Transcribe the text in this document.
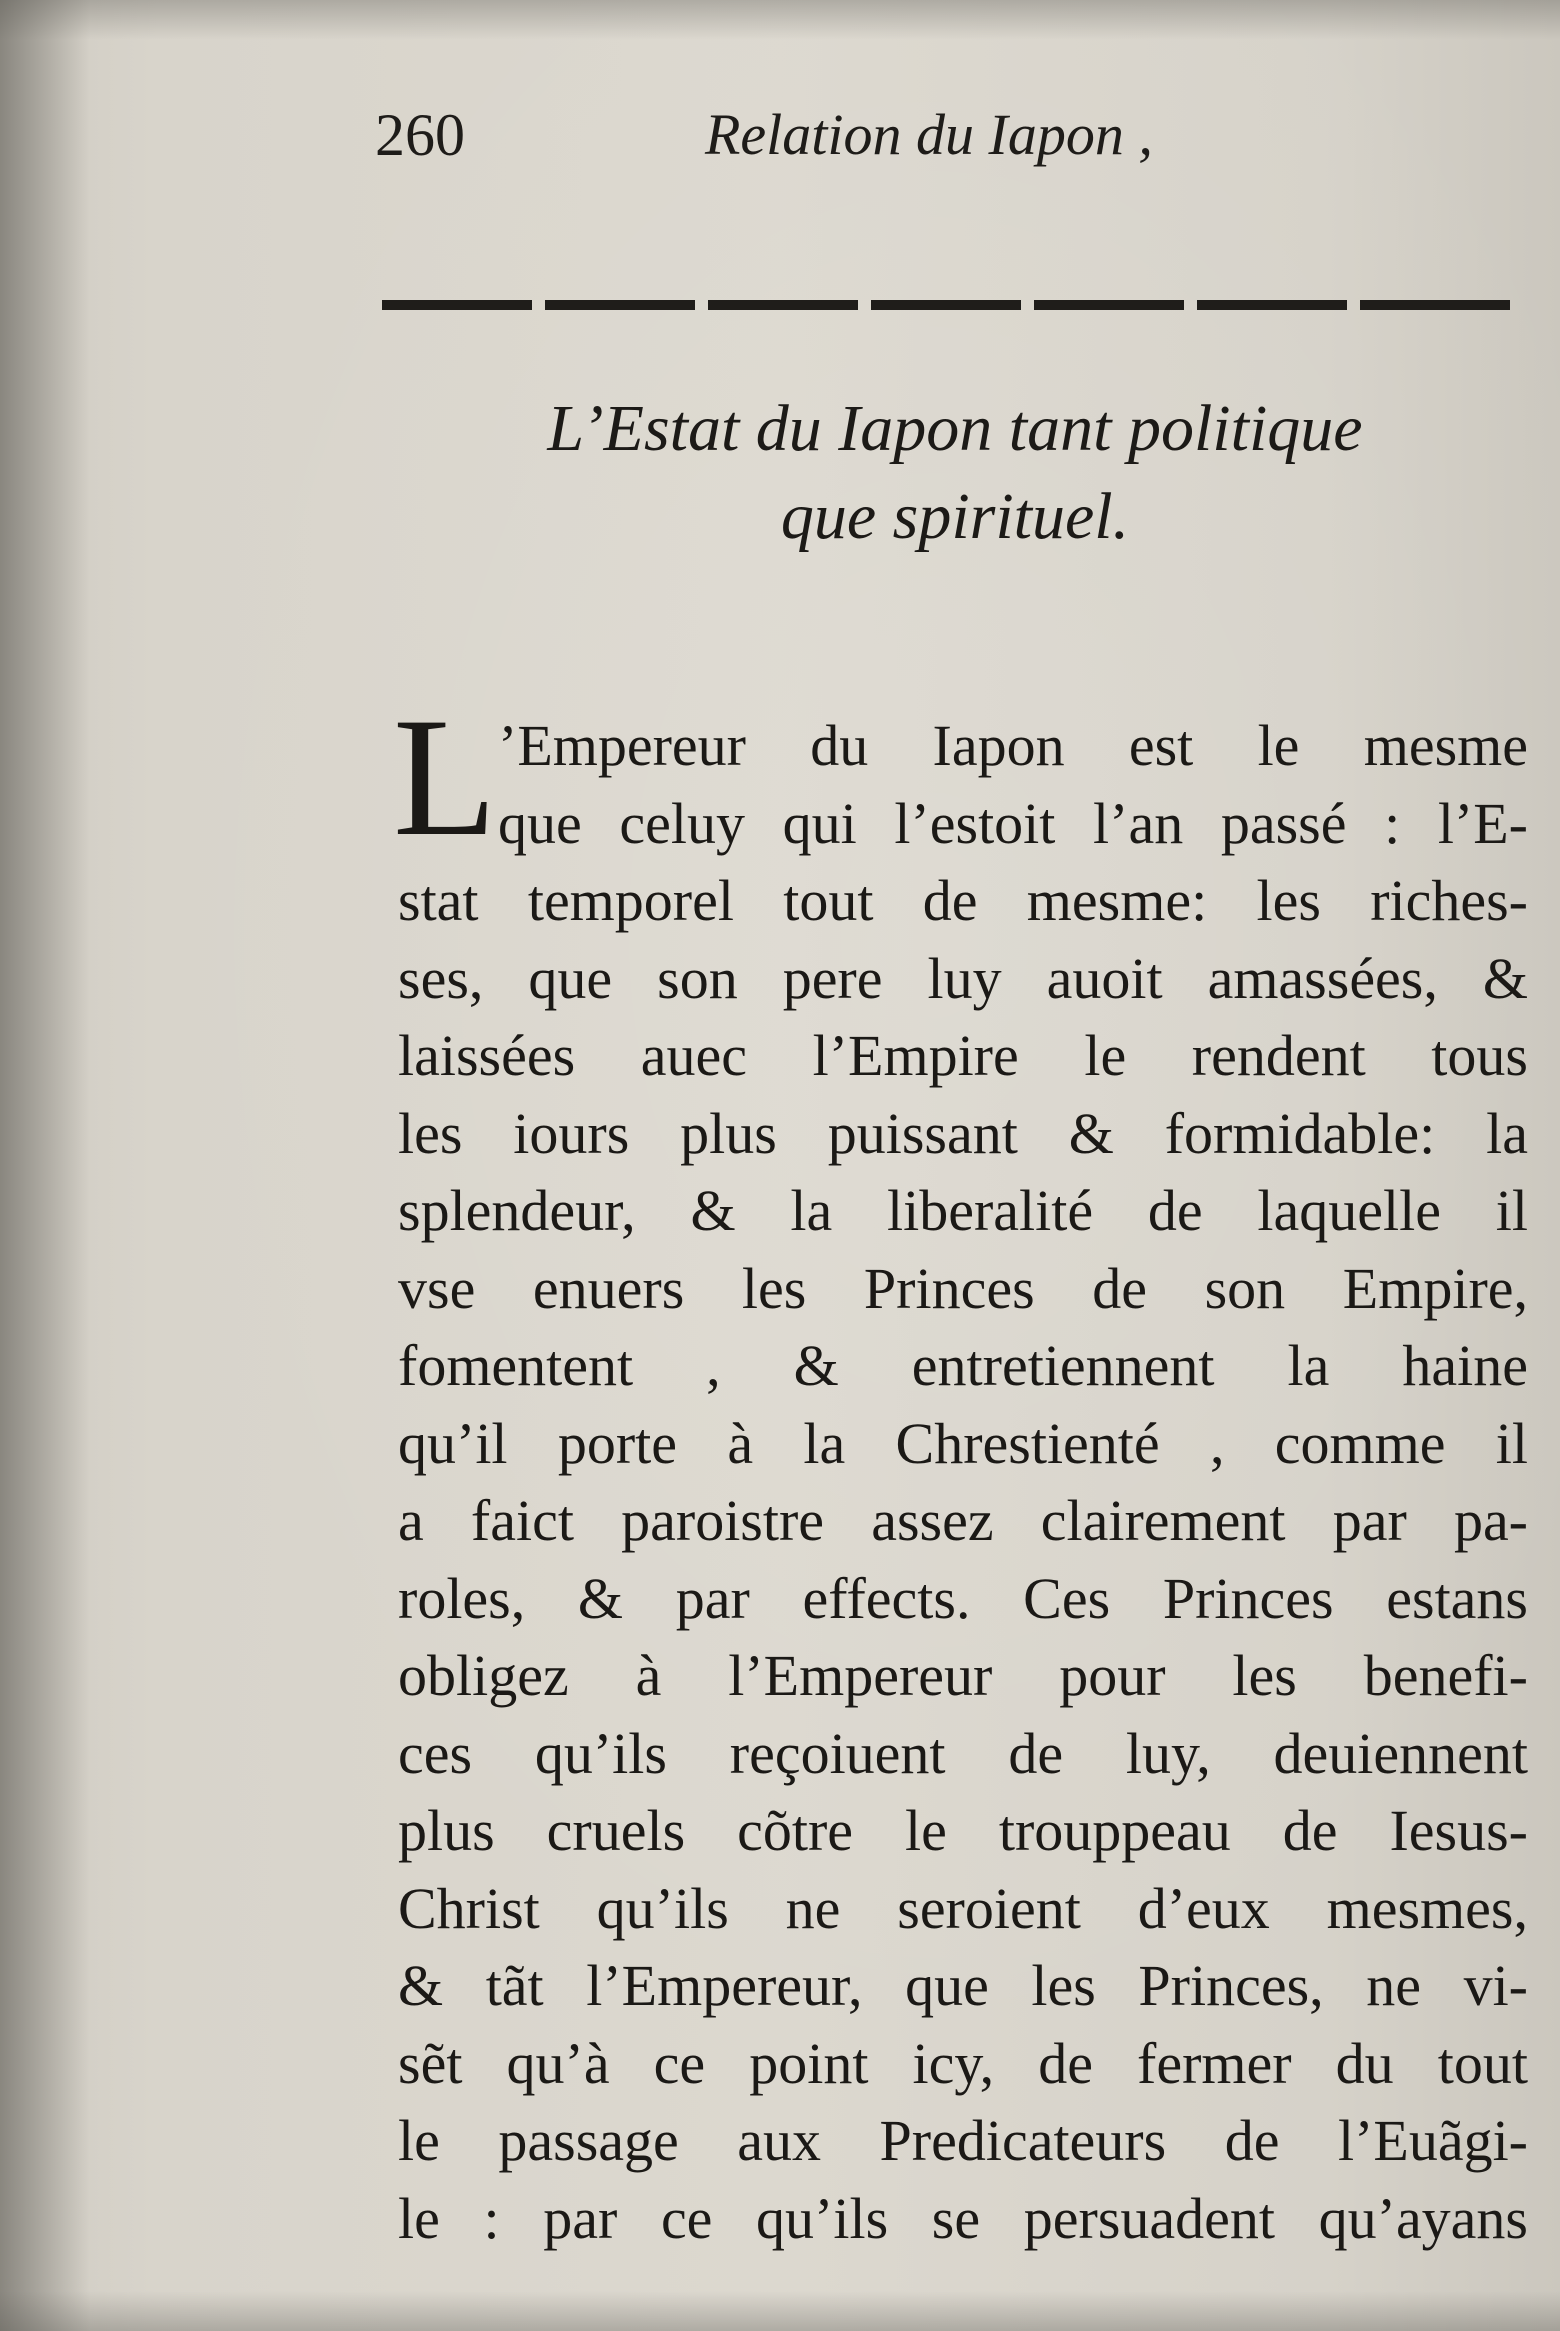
260	Relation du Iapon ,
L’Estat du Iapon tant politique
que spirituel.
L ’Empereur du Iapon est le mesme
que celuy qui l’estoit l’an passé : l’E-
stat temporel tout de mesme: les riches-
ses, que son pere luy auoit amassées, &
laissées auec l’Empire le rendent tous
les iours plus puissant & formidable: la
splendeur, & la liberalité de laquelle il
vse enuers les Princes de son Empire,
fomentent , & entretiennent la haine
qu’il porte à la Chrestienté , comme il
a faict paroistre assez clairement par pa-
roles, & par effects. Ces Princes estans
obligez à l’Empereur pour les benefi-
ces qu’ils reçoiuent de luy, deuiennent
plus cruels cõtre le trouppeau de Iesus-
Christ qu’ils ne seroient d’eux mesmes,
& tãt l’Empereur, que les Princes, ne vi-
sẽt qu’à ce point icy, de fermer du tout
le passage aux Predicateurs de l’Euãgi-
le : par ce qu’ils se persuadent qu’ayans
